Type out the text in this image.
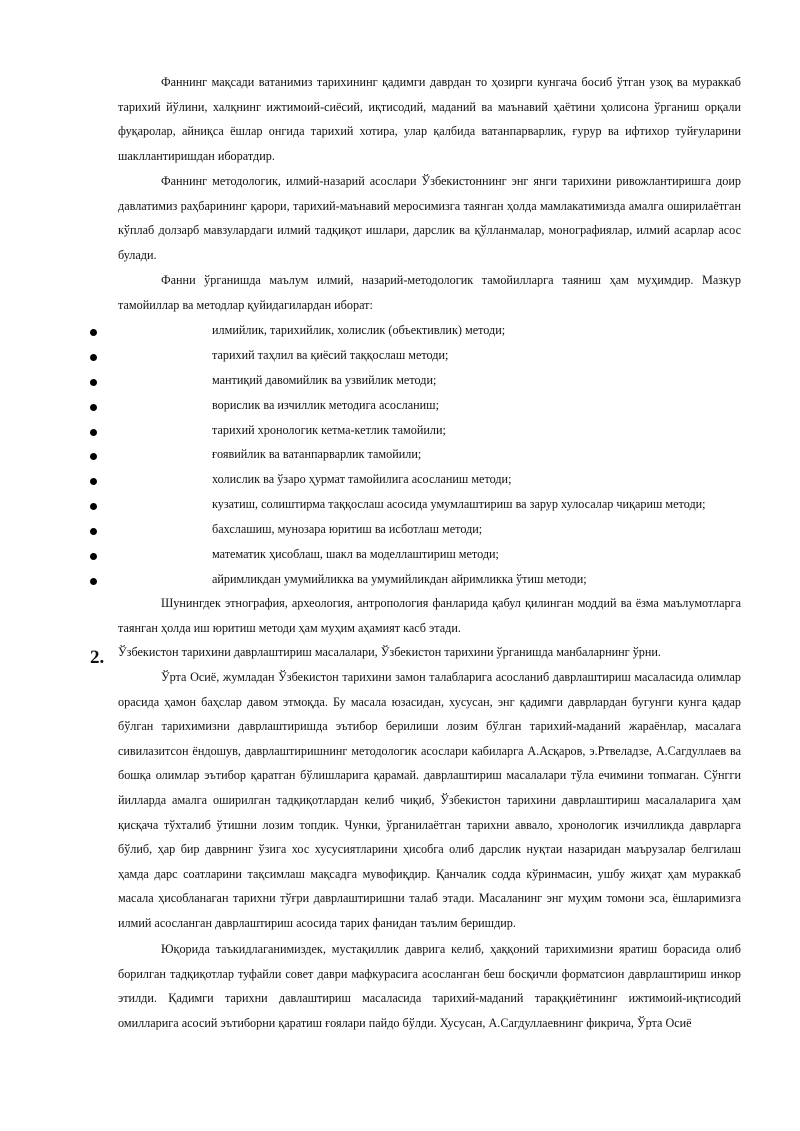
Фаннинг мақсади ватанимиз тарихининг қадимги даврдан то ҳозирги кунгача босиб ўтган узоқ ва мураккаб тарихий йўлини, халқнинг ижтимоий-сиёсий, иқтисодий, маданий ва маънавий ҳаётини ҳолисона ўрганиш орқали фуқаролар, айниқса ёшлар онгида тарихий хотира, улар қалбида ватанпарварлик, ғурур ва ифтихор туйғуларини шакллантиришдан иборатдир.

Фаннинг методологик, илмий-назарий асослари Ўзбекистоннинг энг янги тарихини ривожлантиришга доир давлатимиз раҳбарининг қарори, тарихий-маънавий меросимизга таянган ҳолда мамлакатимизда амалга оширилаётган кўплаб долзарб мавзулардаги илмий тадқиқот ишлари, дарслик ва қўлланмалар, монографиялар, илмий асарлар асос булади.

Фанни ўрганишда маълум илмий, назарий-методологик тамойилларга таяниш ҳам муҳимдир. Мазкур тамойиллар ва методлар қуйидагилардан иборат:

илмийлик, тарихийлик, холислик (объективлик) методи;
тарихий таҳлил ва қиёсий таққослаш методи;
мантиқий давомийлик ва узвийлик методи;
ворислик ва изчиллик методига асосланиш;
тарихий хронологик кетма-кетлик тамойили;
ғоявийлик ва ватанпарварлик тамойили;
холислик ва ўзаро ҳурмат тамойилига асосланиш методи;
кузатиш, солиштирма таққослаш асосида умумлаштириш ва зарур хулосалар чиқариш методи;
бахслашиш, мунозара юритиш ва исботлаш методи;
математик ҳисоблаш, шакл ва моделлаштириш методи;
айримликдан умумийликка ва умумийликдан айримликка ўтиш методи;

Шунингдек этнография, археология, антропология фанларида қабул қилинган моддий ва ёзма маълумотларга таянган ҳолда иш юритиш методи ҳам муҳим аҳамият касб этади.

2. Ўзбекистон тарихини даврлаштириш масалалари, Ўзбекистон тарихини ўрганишда манбаларнинг ўрни.

Ўрта Осиё, жумладан Ўзбекистон тарихини замон талабларига асосланиб даврлаштириш масаласида олимлар орасида ҳамон баҳслар давом этмоқда. Бу масала юзасидан, хусусан, энг қадимги даврлардан бугунги кунга қадар бўлган тарихимизни даврлаштиришда эътибор берилиши лозим бўлган тарихий-маданий жараёнлар, масалага сивилазитсон ёндошув, даврлаштиришнинг методологик асослари кабиларга А.Асқаров, э.Ртвеладзе, А.Сагдуллаев ва бошқа олимлар эътибор қаратган бўлишларига қарамай. даврлаштириш масалалари тўла ечимини топмаган. Сўнгги йилларда амалга оширилган тадқиқотлардан келиб чиқиб, Ўзбекистон тарихини даврлаштириш масалаларига ҳам қисқача тўхталиб ўтишни лозим топдик. Чунки, ўрганилаётган тарихни аввало, хронологик изчилликда даврларга бўлиб, ҳар бир даврнинг ўзига хос хусусиятларини ҳисобга олиб дарслик нуқтаи назаридан маърузалар белгилаш ҳамда дарс соатларини тақсимлаш мақсадга мувофиқдир. Қанчалик содда кўринмасин, ушбу жиҳат ҳам мураккаб масала ҳисобланаган тарихни тўғри даврлаштиришни талаб этади. Масаланинг энг муҳим томони эса, ёшларимизга илмий асосланган даврлаштириш асосида тарих фанидан таълим беришдир.

Юқорида таъкидлаганимиздек, мустақиллик даврига келиб, ҳаққоний тарихимизни яратиш борасида олиб борилган тадқиқотлар туфайли совет даври мафкурасига асосланган беш босқичли форматсион даврлаштириш инкор этилди. Қадимги тарихни давлаштириш масаласида тарихий-маданий тараққиётининг ижтимоий-иқтисодий омилларига асосий эътиборни қаратиш ғоялари пайдо бўлди. Хусусан, А.Сагдуллаевнинг фикрича, Ўрта Осиё
